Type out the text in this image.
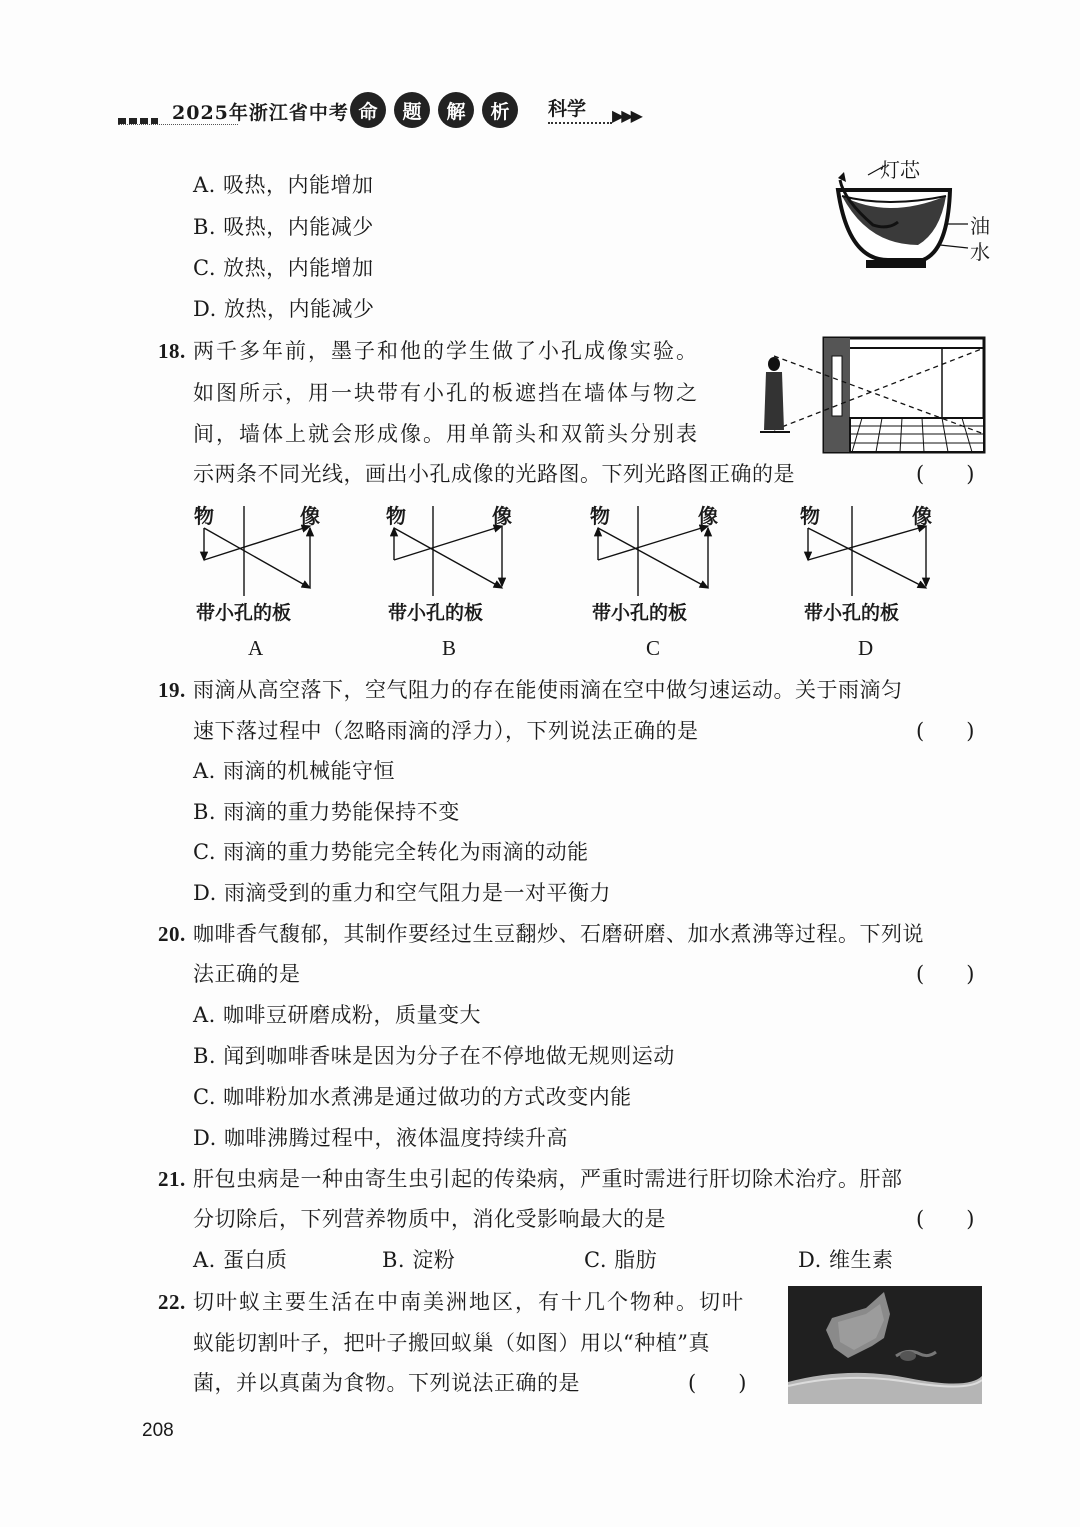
2025年浙江省中考 命	题	解	析	科学 ▶▶▶
A. 吸热，内能增加
B. 吸热，内能减少
C. 放热，内能增加
D. 放热，内能减少
灯芯
油
水
18. 两千多年前，墨子和他的学生做了小孔成像实验。
如图所示，用一块带有小孔的板遮挡在墙体与物之
间，墙体上就会形成像。用单箭头和双箭头分别表
示两条不同光线，画出小孔成像的光路图。下列光路图正确的是	(　　)
物	像
带小孔的板
A
物	像
带小孔的板
B
物	像
带小孔的板
C
物	像
带小孔的板
D
19. 雨滴从高空落下，空气阻力的存在能使雨滴在空中做匀速运动。关于雨滴匀
速下落过程中（忽略雨滴的浮力），下列说法正确的是	(　　)
A. 雨滴的机械能守恒
B. 雨滴的重力势能保持不变
C. 雨滴的重力势能完全转化为雨滴的动能
D. 雨滴受到的重力和空气阻力是一对平衡力
20. 咖啡香气馥郁，其制作要经过生豆翻炒、石磨研磨、加水煮沸等过程。下列说
法正确的是	(　　)
A. 咖啡豆研磨成粉，质量变大
B. 闻到咖啡香味是因为分子在不停地做无规则运动
C. 咖啡粉加水煮沸是通过做功的方式改变内能
D. 咖啡沸腾过程中，液体温度持续升高
21. 肝包虫病是一种由寄生虫引起的传染病，严重时需进行肝切除术治疗。肝部
分切除后，下列营养物质中，消化受影响最大的是	(　　)
A. 蛋白质	B. 淀粉	C. 脂肪	D. 维生素
22. 切叶蚁主要生活在中南美洲地区，有十几个物种。切叶
蚁能切割叶子，把叶子搬回蚁巢（如图）用以“种植”真
菌，并以真菌为食物。下列说法正确的是	(　　)
208
